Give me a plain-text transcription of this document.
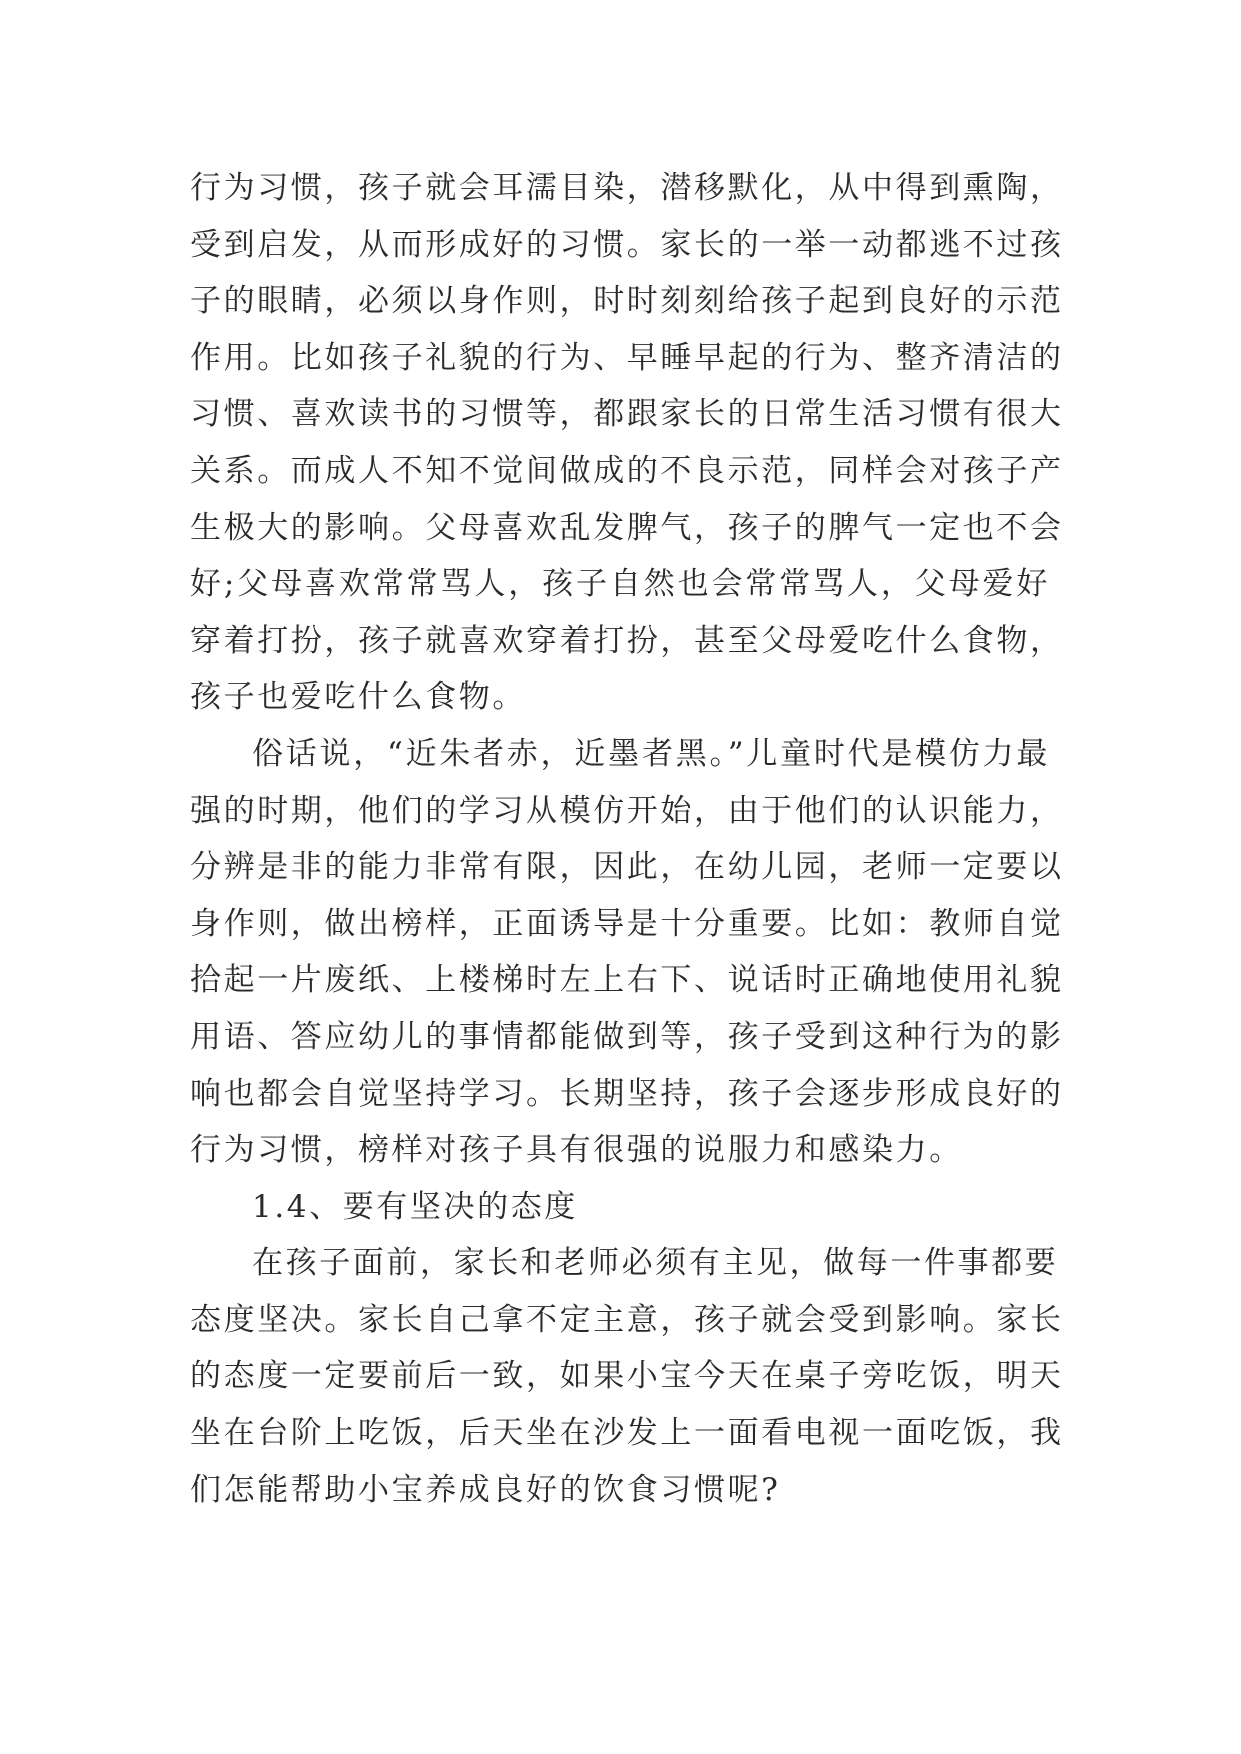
行为习惯，孩子就会耳濡目染，潜移默化，从中得到熏陶，
受到启发，从而形成好的习惯。家长的一举一动都逃不过孩
子的眼睛，必须以身作则，时时刻刻给孩子起到良好的示范
作用。比如孩子礼貌的行为、早睡早起的行为、整齐清洁的
习惯、喜欢读书的习惯等，都跟家长的日常生活习惯有很大
关系。而成人不知不觉间做成的不良示范，同样会对孩子产
生极大的影响。父母喜欢乱发脾气，孩子的脾气一定也不会
好;父母喜欢常常骂人，孩子自然也会常常骂人，父母爱好
穿着打扮，孩子就喜欢穿着打扮，甚至父母爱吃什么食物，
孩子也爱吃什么食物。
俗话说，“近朱者赤，近墨者黑。”儿童时代是模仿力最
强的时期，他们的学习从模仿开始，由于他们的认识能力，
分辨是非的能力非常有限，因此，在幼儿园，老师一定要以
身作则，做出榜样，正面诱导是十分重要。比如：教师自觉
拾起一片废纸、上楼梯时左上右下、说话时正确地使用礼貌
用语、答应幼儿的事情都能做到等，孩子受到这种行为的影
响也都会自觉坚持学习。长期坚持，孩子会逐步形成良好的
行为习惯，榜样对孩子具有很强的说服力和感染力。
1.4、要有坚决的态度
在孩子面前，家长和老师必须有主见，做每一件事都要
态度坚决。家长自己拿不定主意，孩子就会受到影响。家长
的态度一定要前后一致，如果小宝今天在桌子旁吃饭，明天
坐在台阶上吃饭，后天坐在沙发上一面看电视一面吃饭，我
们怎能帮助小宝养成良好的饮食习惯呢?
